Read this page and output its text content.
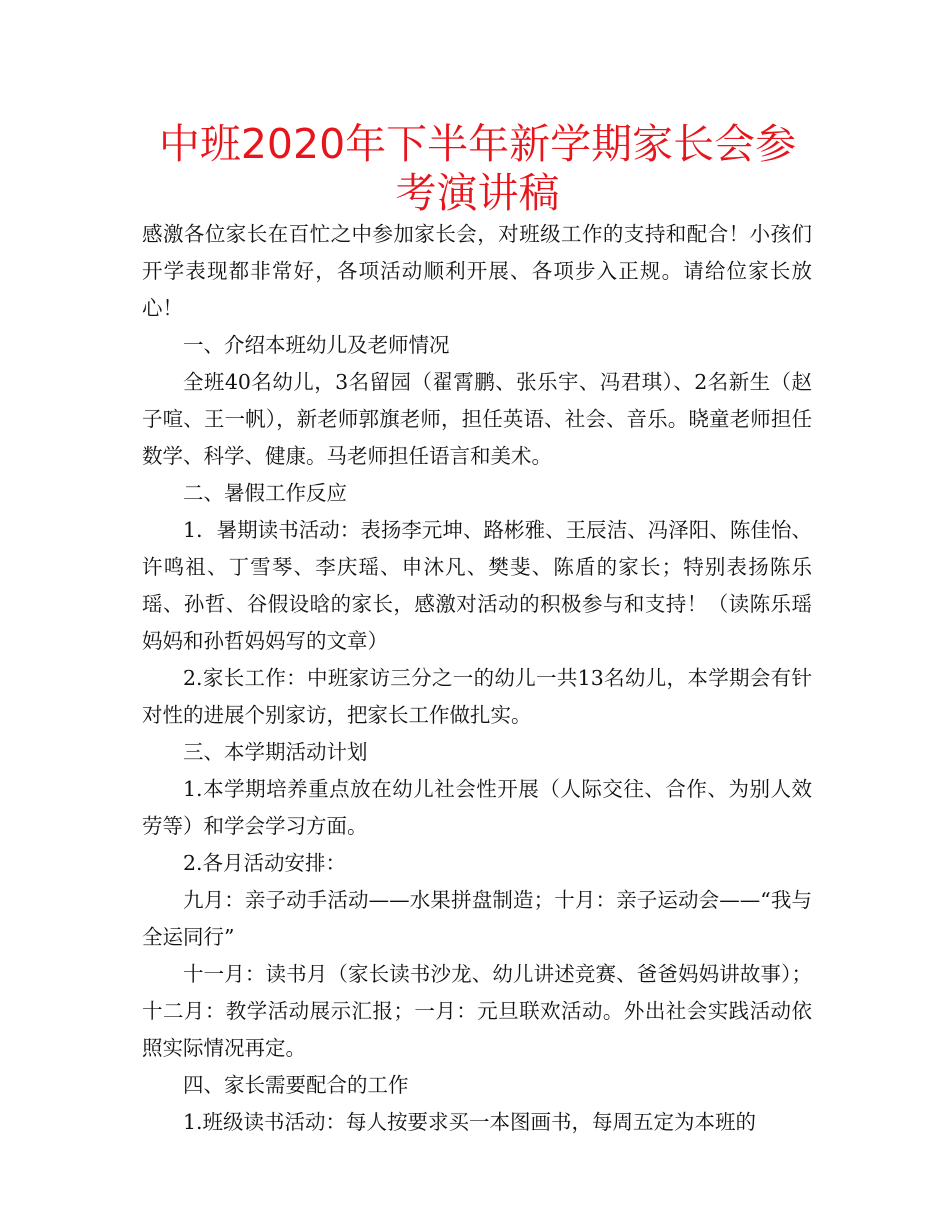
中班2020年下半年新学期家长会参考演讲稿

感激各位家长在百忙之中参加家长会，对班级工作的支持和配合！小孩们开学表现都非常好，各项活动顺利开展、各项步入正规。请给位家长放心！

一、介绍本班幼儿及老师情况

全班40名幼儿，3名留园（翟霄鹏、张乐宇、冯君琪）、2名新生（赵子喧、王一帆），新老师郭旗老师，担任英语、社会、音乐。晓童老师担任数学、科学、健康。马老师担任语言和美术。

二、暑假工作反应

1．暑期读书活动：表扬李元坤、路彬雅、王辰洁、冯泽阳、陈佳怡、许鸣祖、丁雪琴、李庆瑶、申沐凡、樊斐、陈盾的家长；特别表扬陈乐瑶、孙哲、谷假设晗的家长，感激对活动的积极参与和支持！（读陈乐瑶妈妈和孙哲妈妈写的文章）

2.家长工作：中班家访三分之一的幼儿一共13名幼儿，本学期会有针对性的进展个别家访，把家长工作做扎实。

三、本学期活动计划

1.本学期培养重点放在幼儿社会性开展（人际交往、合作、为别人效劳等）和学会学习方面。

2.各月活动安排：

九月：亲子动手活动——水果拼盘制造；十月：亲子运动会——“我与全运同行”

十一月：读书月（家长读书沙龙、幼儿讲述竞赛、爸爸妈妈讲故事）；十二月：教学活动展示汇报；一月：元旦联欢活动。外出社会实践活动依照实际情况再定。

四、家长需要配合的工作

1.班级读书活动：每人按要求买一本图画书，每周五定为本班的
